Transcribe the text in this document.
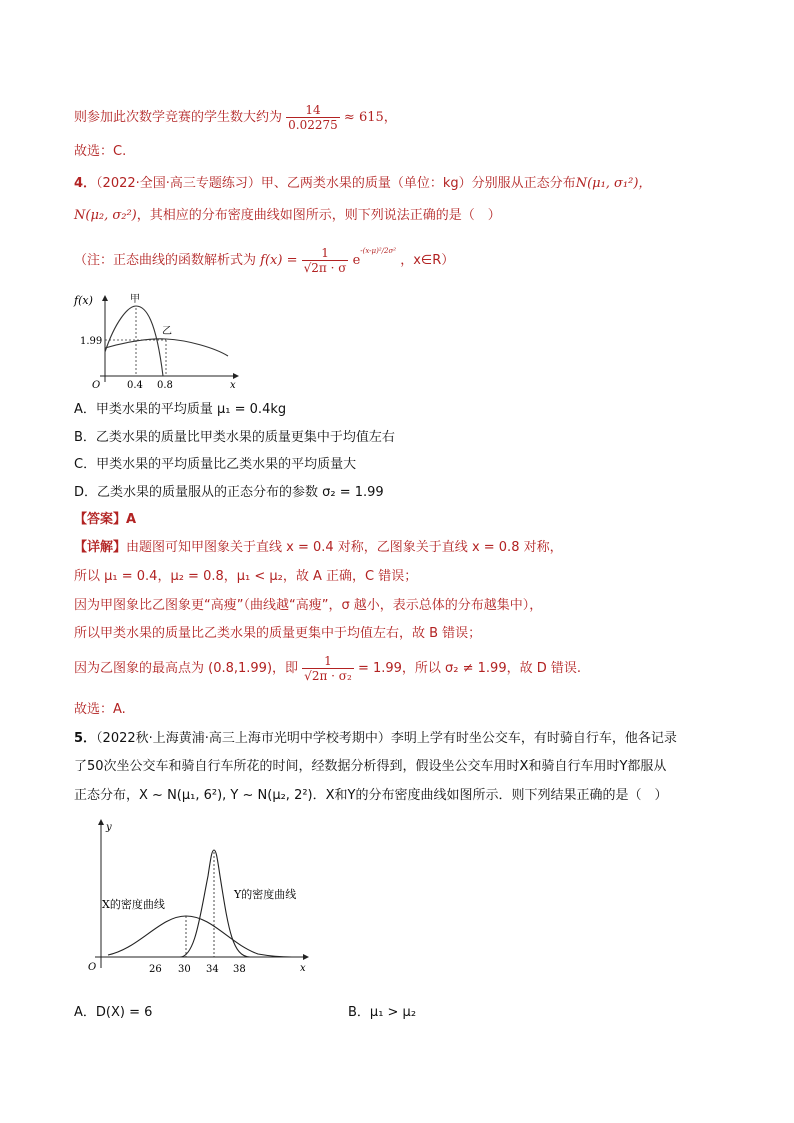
则参加此次数学竞赛的学生数大约为 $\frac{14}{0.02275} \approx 615$，
故选：C.
4．（2022·全国·高三专题练习）甲、乙两类水果的质量（单位：kg）分别服从正态分布N(μ₁, σ₁²)，
N(μ₂, σ₂²)，其相应的分布密度曲线如图所示，则下列说法正确的是（　）
（注：正态曲线的函数解析式为 $f(x) = \frac{1}{√2\pi \cdot \sigma} e^{-(x-\mu)^2/2\sigma^2}$ ，x∈R）
f(x)	甲
乙
1.99
O	0.4 0.8	x
A．甲类水果的平均质量 μ₁ = 0.4kg
B．乙类水果的质量比甲类水果的质量更集中于均值左右
C．甲类水果的平均质量比乙类水果的平均质量大
D．乙类水果的质量服从的正态分布的参数 σ₂ = 1.99
【答案】A
【详解】由题图可知甲图象关于直线 x = 0.4 对称，乙图象关于直线 x = 0.8 对称，
所以 μ₁ = 0.4，μ₂ = 0.8，μ₁ < μ₂，故 A 正确，C 错误；
因为甲图象比乙图象更“高瘦”（曲线越“高瘦”，σ 越小，表示总体的分布越集中），
所以甲类水果的质量比乙类水果的质量更集中于均值左右，故 B 错误；
因为乙图象的最高点为 (0.8,1.99)，即 $\frac{1}{\text{√2π · σ₂}} = 1.99$，所以 σ₂ ≠ 1.99，故 D 错误.
故选：A.
5．（2022秋·上海黄浦·高三上海市光明中学校考期中）李明上学有时坐公交车，有时骑自行车，他各记录
了50次坐公交车和骑自行车所花的时间，经数据分析得到，假设坐公交车用时X和骑自行车用时Y都服从
正态分布，X ~ N(μ₁, 6²), Y ~ N(μ₂, 2²)．X和Y的分布密度曲线如图所示．则下列结果正确的是（　）
y
X的密度曲线
Y的密度曲线
O	26 30 34 38	x
A．D(X) = 6	B．μ₁ > μ₂
